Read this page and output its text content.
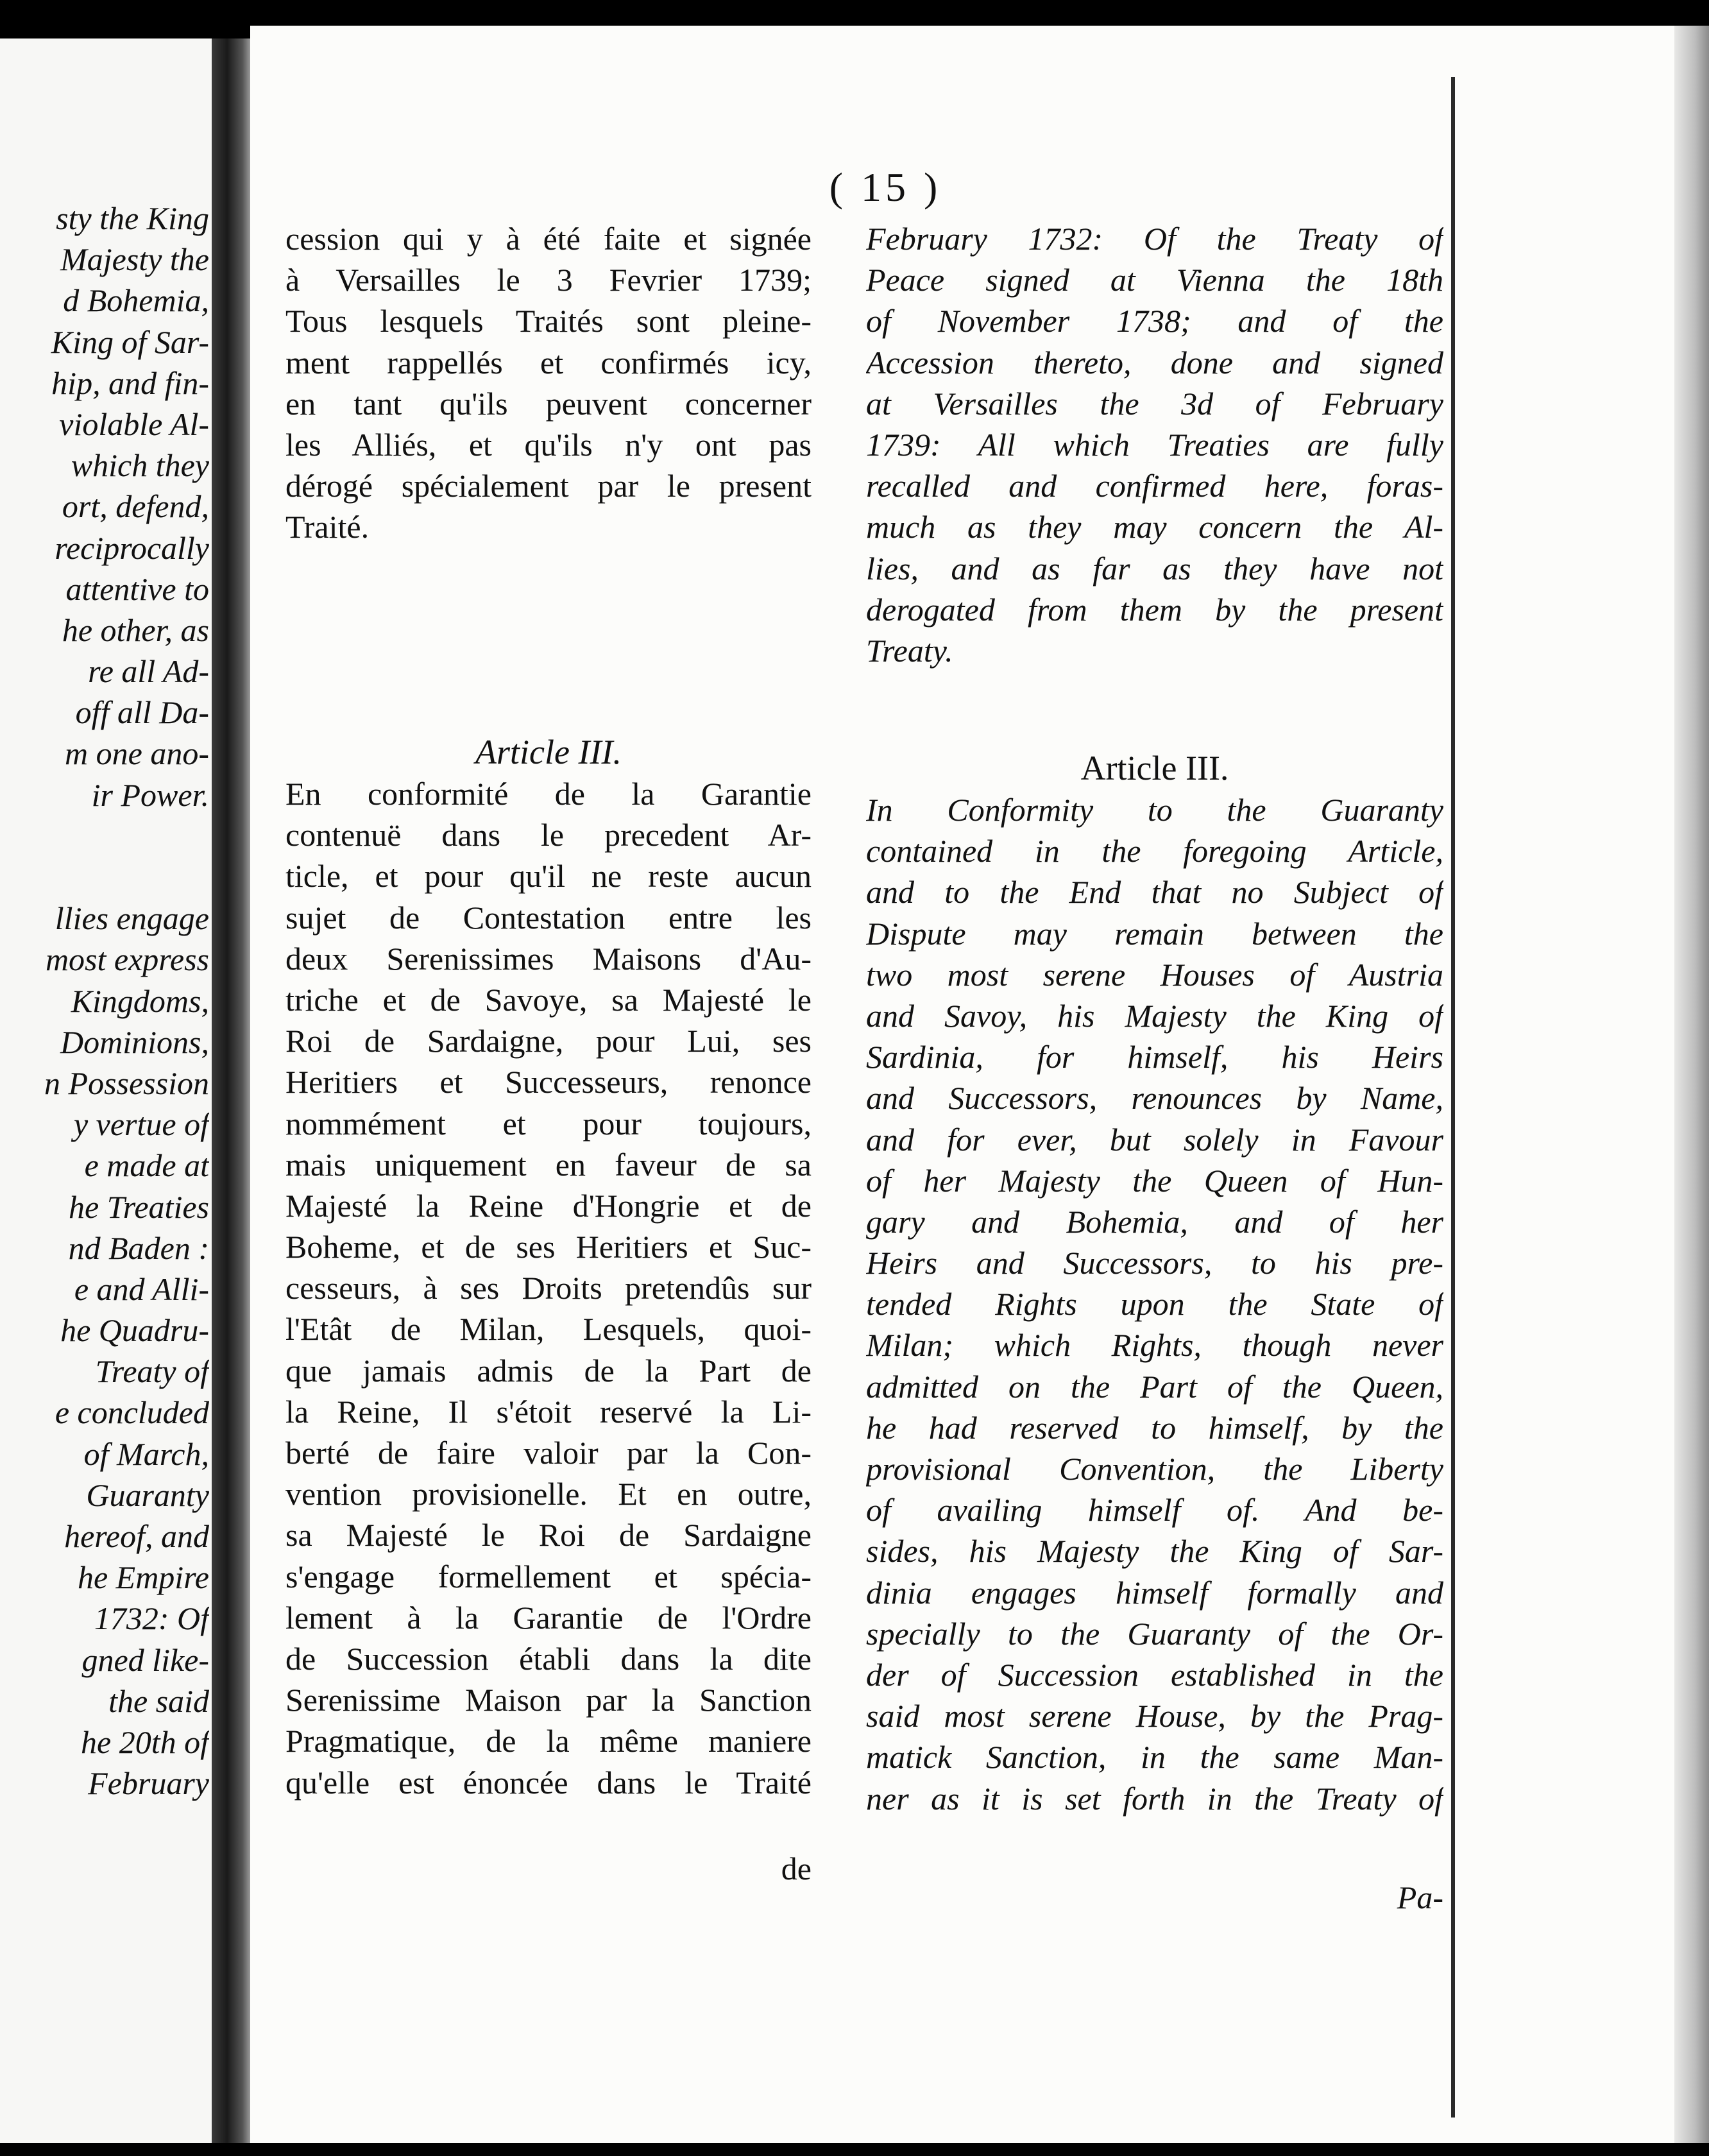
sty the King
Majesty the
d Bohemia,
King of Sar-
hip, and fin-
violable Al-
which they
ort, defend,
reciprocally
attentive to
he other, as
re all Ad-
off all Da-
m one ano-
ir Power.
llies engage
most express
Kingdoms,
Dominions,
n Possession
y vertue of
e made at
he Treaties
nd Baden :
e and Alli-
he Quadru-
Treaty of
e concluded
of March,
Guaranty
hereof, and
he Empire
1732: Of
gned like-
the said
he 20th of
February
( 15 )
cession qui y à été faite et signée
à Versailles le 3 Fevrier 1739;
Tous lesquels Traités sont pleine-
ment rappellés et confirmés icy,
en tant qu'ils peuvent concerner
les Alliés, et qu'ils n'y ont pas
dérogé spécialement par le present
Traité.
Article III.
En conformité de la Garantie
contenuë dans le precedent Ar-
ticle, et pour qu'il ne reste aucun
sujet de Contestation entre les
deux Serenissimes Maisons d'Au-
triche et de Savoye, sa Majesté le
Roi de Sardaigne, pour Lui, ses
Heritiers et Successeurs, renonce
nommément et pour toujours,
mais uniquement en faveur de sa
Majesté la Reine d'Hongrie et de
Boheme, et de ses Heritiers et Suc-
cesseurs, à ses Droits pretendûs sur
l'Etât de Milan, Lesquels, quoi-
que jamais admis de la Part de
la Reine, Il s'étoit reservé la Li-
berté de faire valoir par la Con-
vention provisionelle. Et en outre,
sa Majesté le Roi de Sardaigne
s'engage formellement et spécia-
lement à la Garantie de l'Ordre
de Succession établi dans la dite
Serenissime Maison par la Sanction
Pragmatique, de la même maniere
qu'elle est énoncée dans le Traité
de
February 1732: Of the Treaty of
Peace signed at Vienna the 18th
of November 1738; and of the
Accession thereto, done and signed
at Versailles the 3d of February
1739: All which Treaties are fully
recalled and confirmed here, foras-
much as they may concern the Al-
lies, and as far as they have not
derogated from them by the present
Treaty.
Article III.
In Conformity to the Guaranty
contained in the foregoing Article,
and to the End that no Subject of
Dispute may remain between the
two most serene Houses of Austria
and Savoy, his Majesty the King of
Sardinia, for himself, his Heirs
and Successors, renounces by Name,
and for ever, but solely in Favour
of her Majesty the Queen of Hun-
gary and Bohemia, and of her
Heirs and Successors, to his pre-
tended Rights upon the State of
Milan; which Rights, though never
admitted on the Part of the Queen,
he had reserved to himself, by the
provisional Convention, the Liberty
of availing himself of. And be-
sides, his Majesty the King of Sar-
dinia engages himself formally and
specially to the Guaranty of the Or-
der of Succession established in the
said most serene House, by the Prag-
matick Sanction, in the same Man-
ner as it is set forth in the Treaty of
Pa-
